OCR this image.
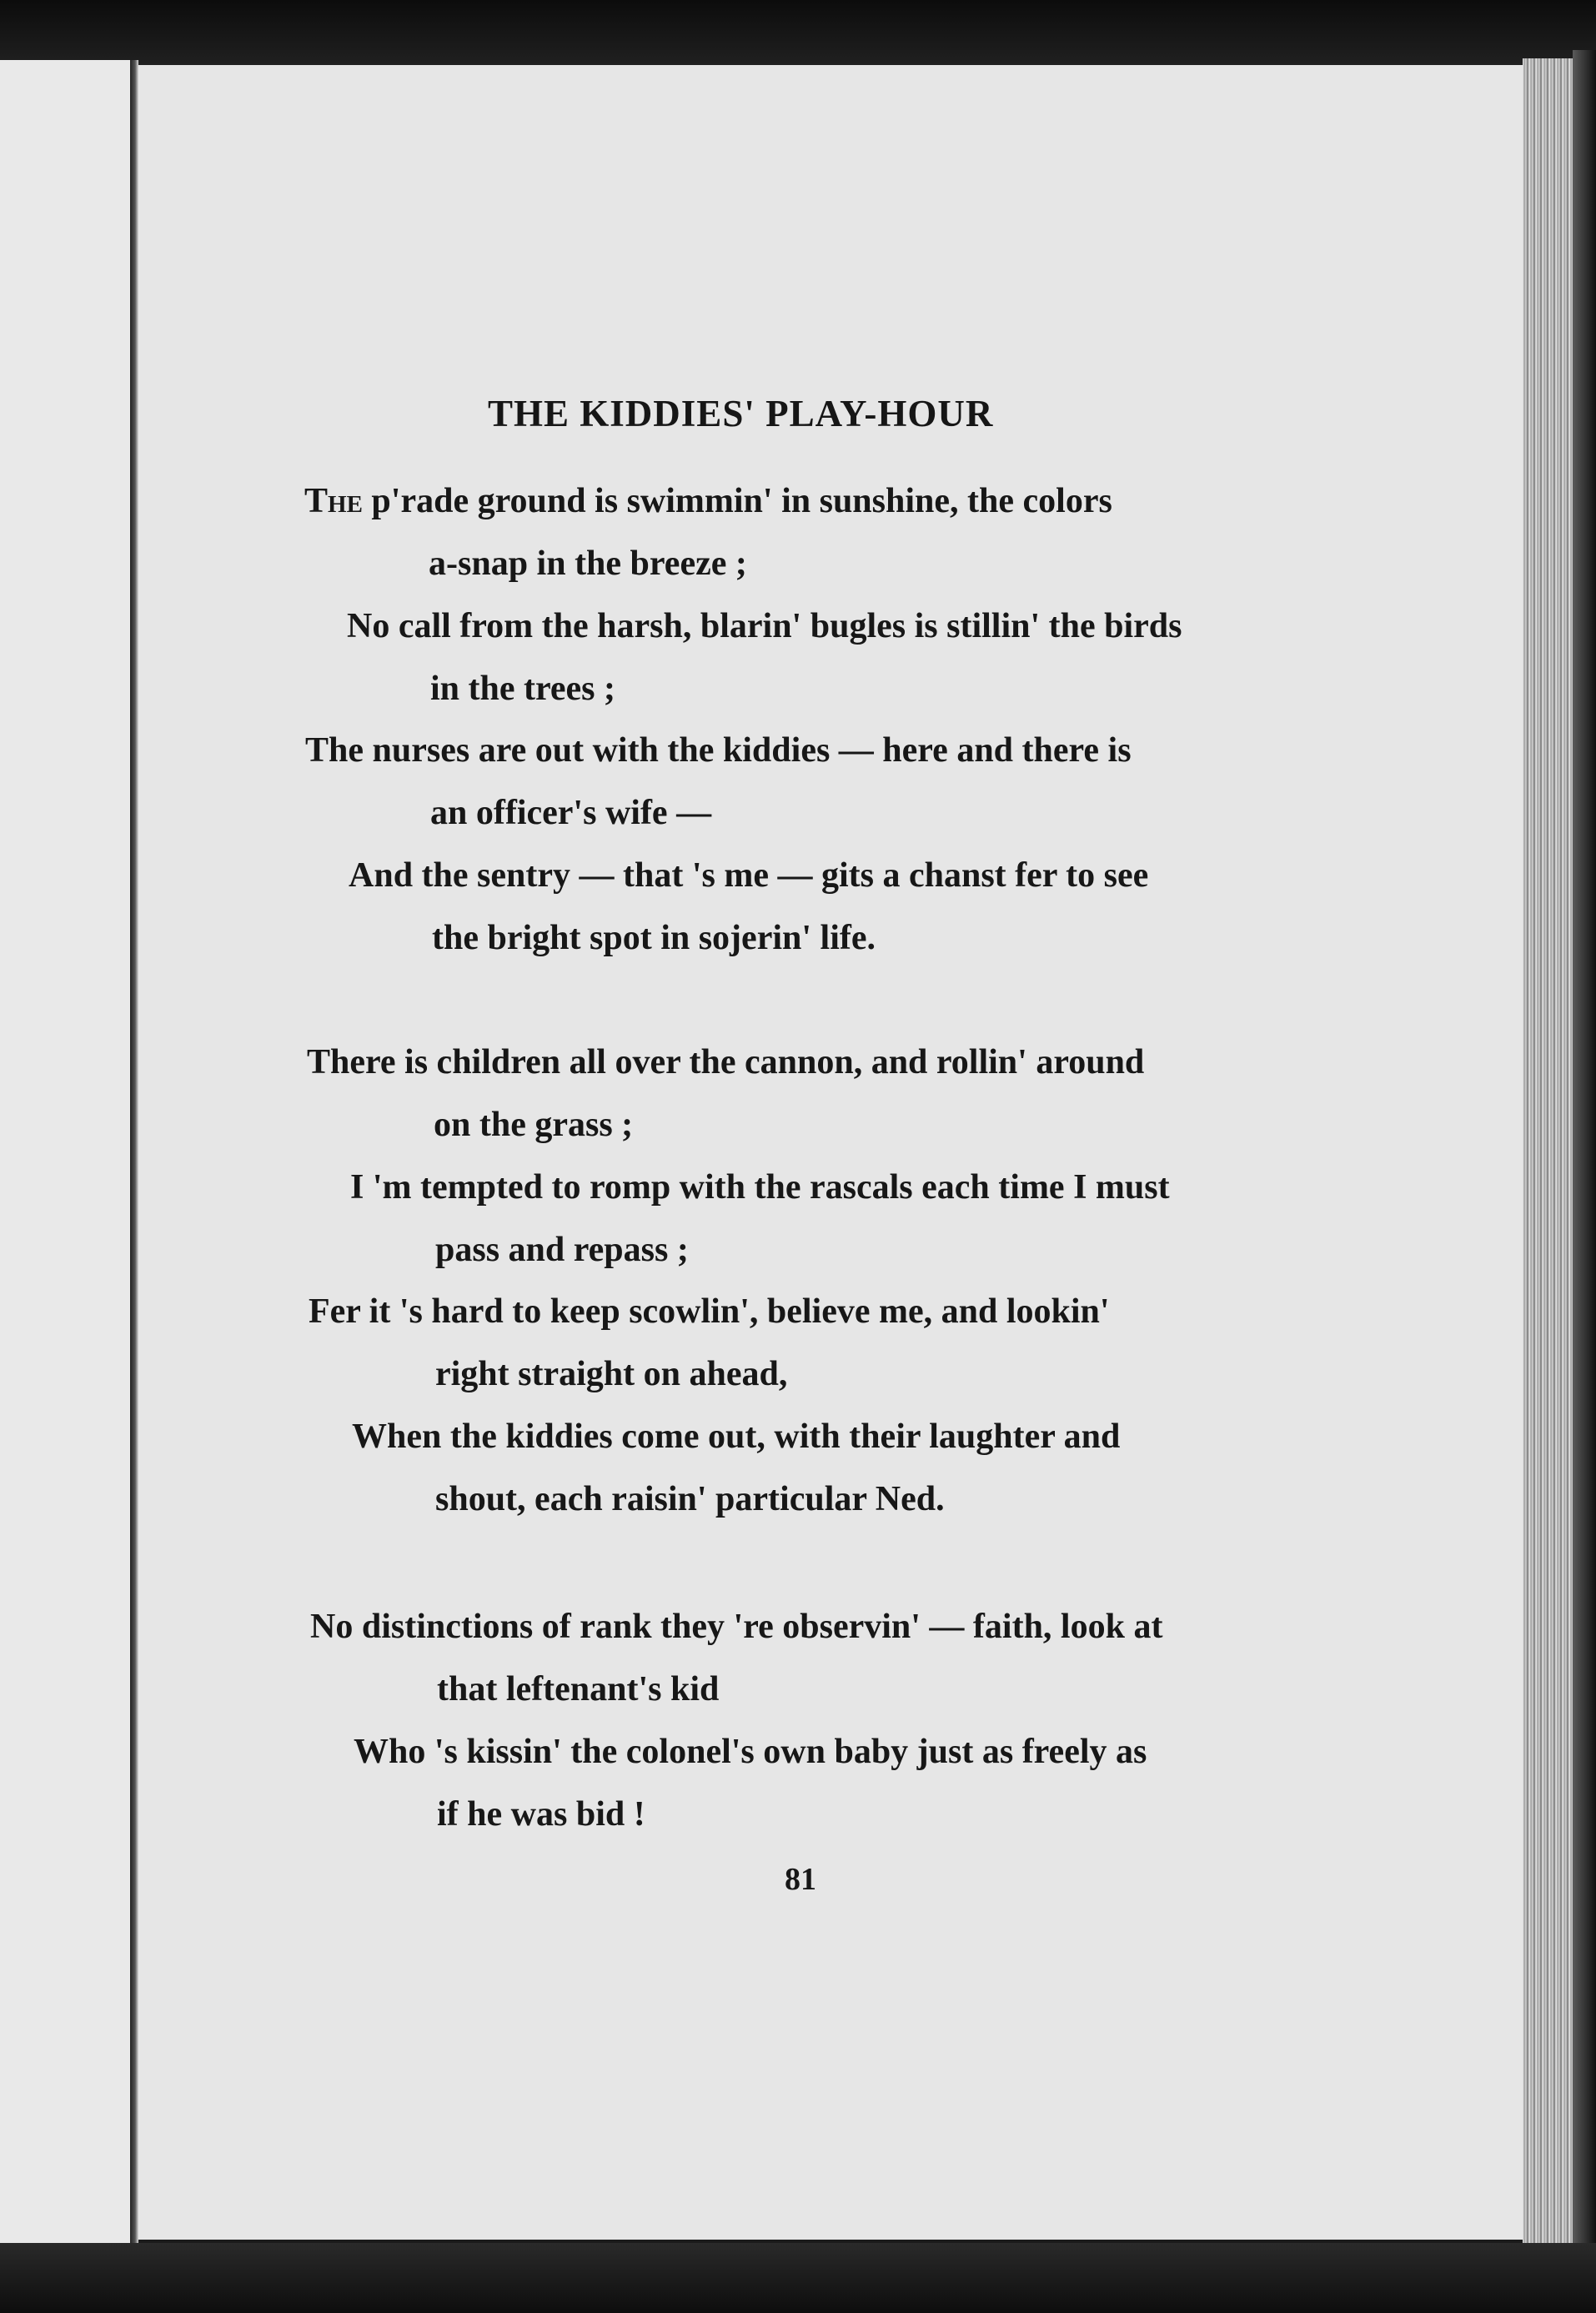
THE KIDDIES' PLAY-HOUR
The p'rade ground is swimmin' in sunshine, the colors
a-snap in the breeze ;
No call from the harsh, blarin' bugles is stillin' the birds
in the trees ;
The nurses are out with the kiddies — here and there is
an officer's wife —
And the sentry — that 's me — gits a chanst fer to see
the bright spot in sojerin' life.
There is children all over the cannon, and rollin' around
on the grass ;
I 'm tempted to romp with the rascals each time I must
pass and repass ;
Fer it 's hard to keep scowlin', believe me, and lookin'
right straight on ahead,
When the kiddies come out, with their laughter and
shout, each raisin' particular Ned.
No distinctions of rank they 're observin' — faith, look at
that leftenant's kid
Who 's kissin' the colonel's own baby just as freely as
if he was bid !
81
